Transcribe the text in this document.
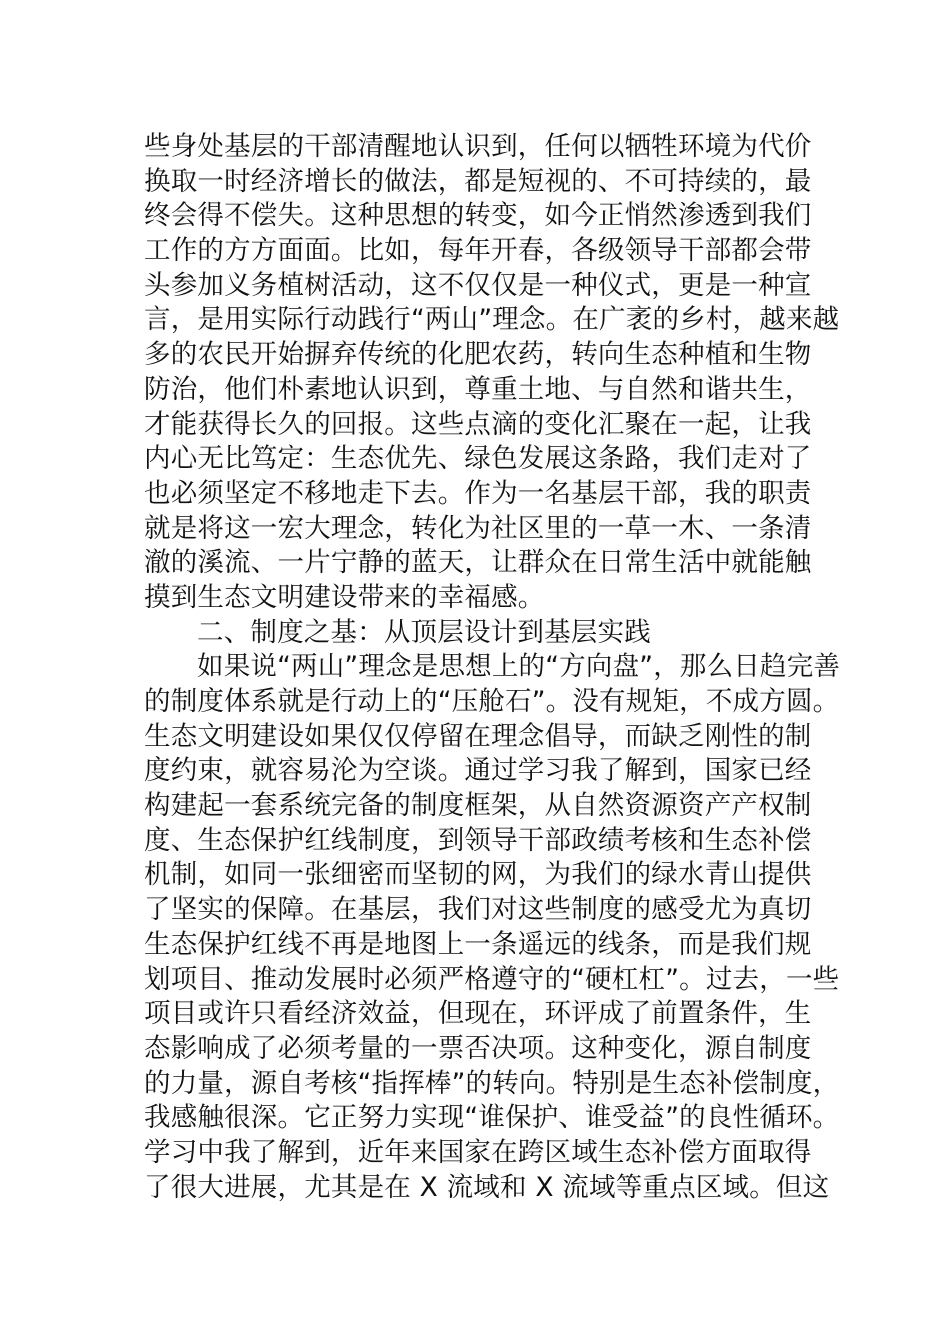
些身处基层的干部清醒地认识到，任何以牺牲环境为代价
换取一时经济增长的做法，都是短视的、不可持续的，最
终会得不偿失。这种思想的转变，如今正悄然渗透到我们
工作的方方面面。比如，每年开春，各级领导干部都会带
头参加义务植树活动，这不仅仅是一种仪式，更是一种宣
言，是用实际行动践行“两山”理念。在广袤的乡村，越来越
多的农民开始摒弃传统的化肥农药，转向生态种植和生物
防治，他们朴素地认识到，尊重土地、与自然和谐共生，
才能获得长久的回报。这些点滴的变化汇聚在一起，让我
内心无比笃定：生态优先、绿色发展这条路，我们走对了
也必须坚定不移地走下去。作为一名基层干部，我的职责
就是将这一宏大理念，转化为社区里的一草一木、一条清
澈的溪流、一片宁静的蓝天，让群众在日常生活中就能触
摸到生态文明建设带来的幸福感。
二、制度之基：从顶层设计到基层实践
如果说“两山”理念是思想上的“方向盘”，那么日趋完善
的制度体系就是行动上的“压舱石”。没有规矩，不成方圆。
生态文明建设如果仅仅停留在理念倡导，而缺乏刚性的制
度约束，就容易沦为空谈。通过学习我了解到，国家已经
构建起一套系统完备的制度框架，从自然资源资产产权制
度、生态保护红线制度，到领导干部政绩考核和生态补偿
机制，如同一张细密而坚韧的网，为我们的绿水青山提供
了坚实的保障。在基层，我们对这些制度的感受尤为真切
生态保护红线不再是地图上一条遥远的线条，而是我们规
划项目、推动发展时必须严格遵守的“硬杠杠”。过去，一些
项目或许只看经济效益，但现在，环评成了前置条件，生
态影响成了必须考量的一票否决项。这种变化，源自制度
的力量，源自考核“指挥棒”的转向。特别是生态补偿制度，
我感触很深。它正努力实现“谁保护、谁受益”的良性循环。
学习中我了解到，近年来国家在跨区域生态补偿方面取得
了很大进展，尤其是在 X 流域和 X 流域等重点区域。但这
